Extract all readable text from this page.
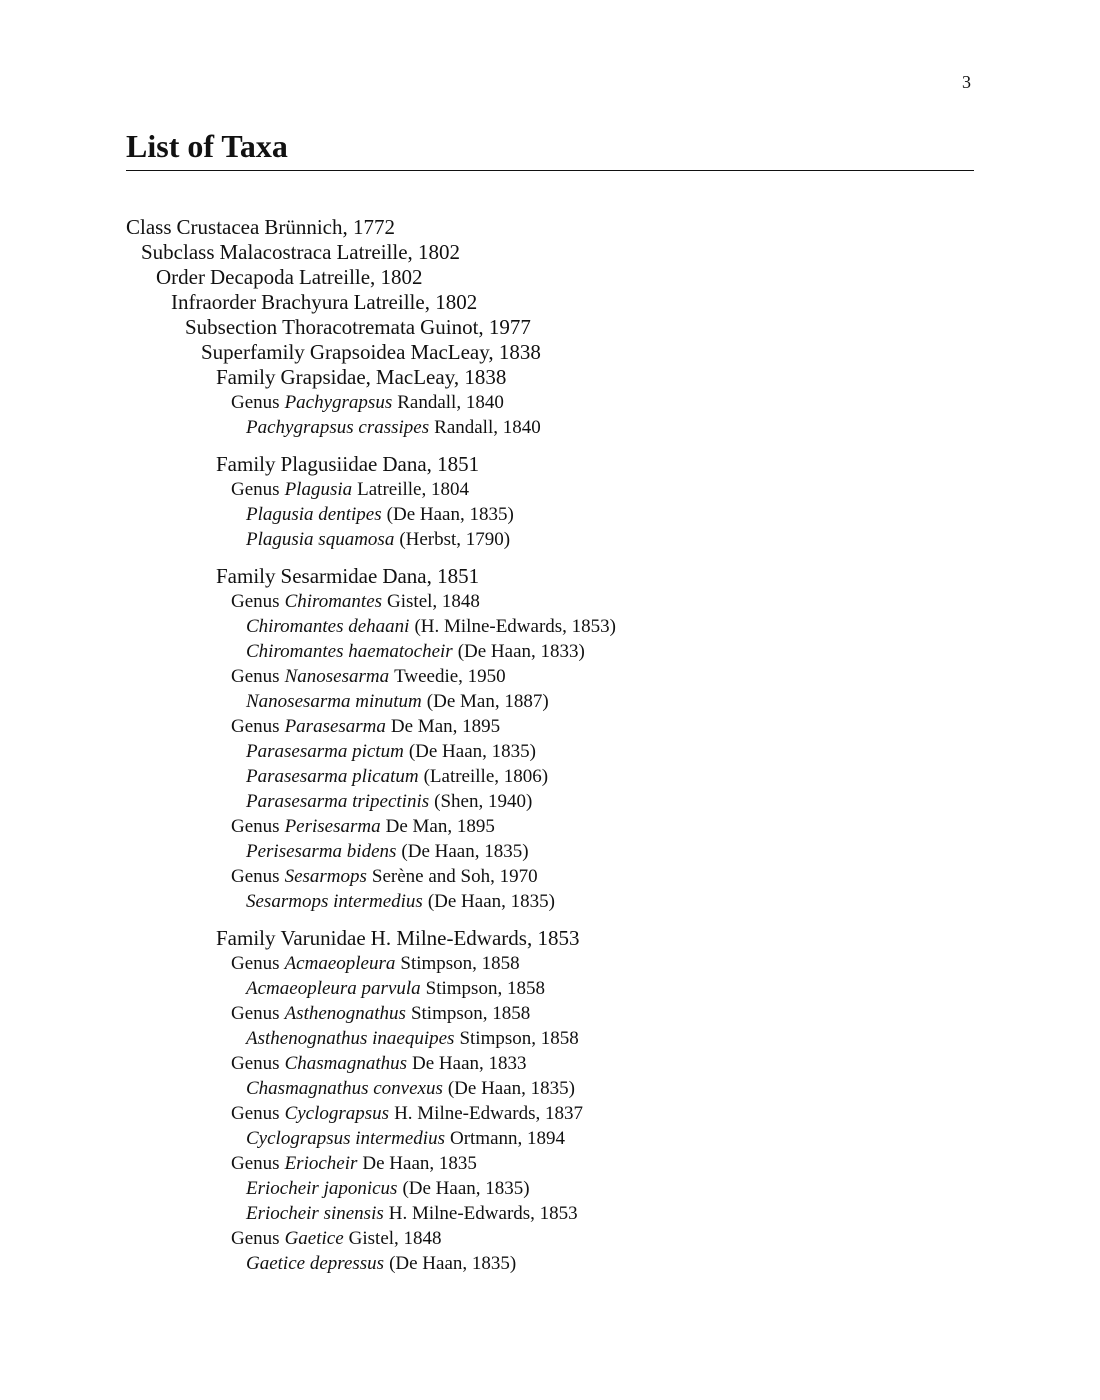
3
List of Taxa
Class Crustacea Brünnich, 1772
Subclass Malacostraca Latreille, 1802
Order Decapoda Latreille, 1802
Infraorder Brachyura Latreille, 1802
Subsection Thoracotremata Guinot, 1977
Superfamily Grapsoidea MacLeay, 1838
Family Grapsidae, MacLeay, 1838
Genus Pachygrapsus Randall, 1840
Pachygrapsus crassipes Randall, 1840
Family Plagusiidae Dana, 1851
Genus Plagusia Latreille, 1804
Plagusia dentipes (De Haan, 1835)
Plagusia squamosa (Herbst, 1790)
Family Sesarmidae Dana, 1851
Genus Chiromantes Gistel, 1848
Chiromantes dehaani (H. Milne-Edwards, 1853)
Chiromantes haematocheir (De Haan, 1833)
Genus Nanosesarma Tweedie, 1950
Nanosesarma minutum (De Man, 1887)
Genus Parasesarma De Man, 1895
Parasesarma pictum (De Haan, 1835)
Parasesarma plicatum (Latreille, 1806)
Parasesarma tripectinis (Shen, 1940)
Genus Perisesarma De Man, 1895
Perisesarma bidens (De Haan, 1835)
Genus Sesarmops Serène and Soh, 1970
Sesarmops intermedius (De Haan, 1835)
Family Varunidae H. Milne-Edwards, 1853
Genus Acmaeopleura Stimpson, 1858
Acmaeopleura parvula Stimpson, 1858
Genus Asthenognathus Stimpson, 1858
Asthenognathus inaequipes Stimpson, 1858
Genus Chasmagnathus De Haan, 1833
Chasmagnathus convexus (De Haan, 1835)
Genus Cyclograpsus H. Milne-Edwards, 1837
Cyclograpsus intermedius Ortmann, 1894
Genus Eriocheir De Haan, 1835
Eriocheir japonicus (De Haan, 1835)
Eriocheir sinensis H. Milne-Edwards, 1853
Genus Gaetice Gistel, 1848
Gaetice depressus (De Haan, 1835)
